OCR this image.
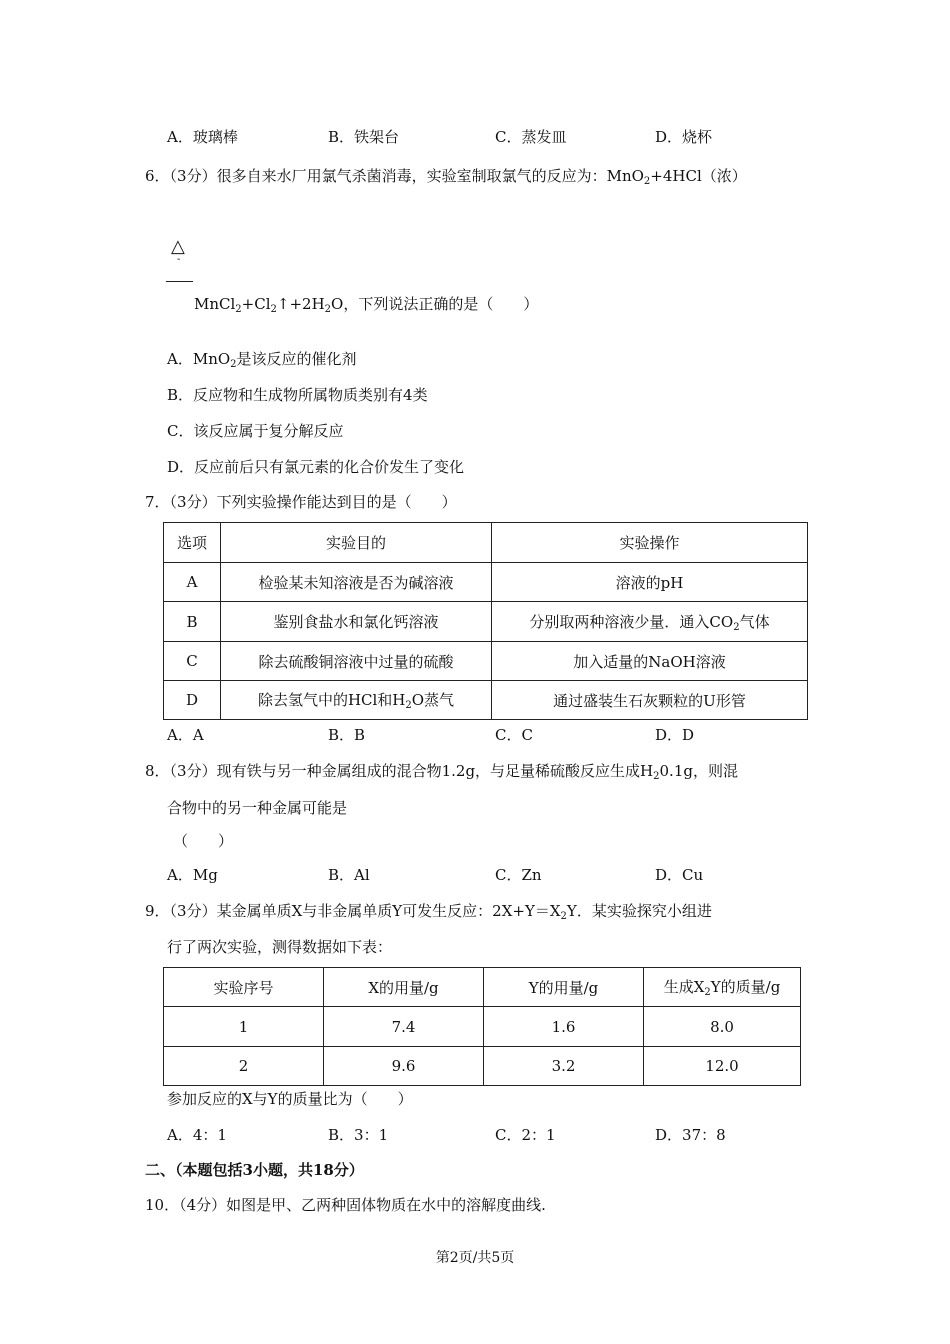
A．玻璃棒	B．铁架台	C．蒸发皿	D．烧杯
6．（3分）很多自来水厂用氯气杀菌消毒，实验室制取氯气的反应为：MnO$_2$+4HCl（浓）
△
-
$MnCl_2+Cl_2↑+2H_2O$，下列说法正确的是（　　）
A．MnO$_2$是该反应的催化剂
B．反应物和生成物所属物质类别有4类
C．该反应属于复分解反应
D．反应前后只有氯元素的化合价发生了变化
7．（3分）下列实验操作能达到目的是（　　）
选项	实验目的	实验操作
A	检验某未知溶液是否为碱溶液	溶液的pH
B	鉴别食盐水和氯化钙溶液	分别取两种溶液少量．通入$CO_2$气体
C	除去硫酸铜溶液中过量的硫酸	加入适量的NaOH溶液
D	除去氢气中的HCl和$H_2O$蒸气	通过盛装生石灰颗粒的U形管
A．A	B．B	C．C	D．D
8．（3分）现有铁与另一种金属组成的混合物1.2g，与足量稀硫酸反应生成$H_20.1g$，则混
合物中的另一种金属可能是
（　　）
A．Mg	B．Al	C．Zn	D．Cu
9．（3分）某金属单质X与非金属单质Y可发生反应：$2X+Y=X_2Y$．某实验探究小组进
行了两次实验，测得数据如下表：
实验序号	X的用量/g	Y的用量/g	生成$X_2Y$的质量/g
1	7.4	1.6	8.0
2	9.6	3.2	12.0
参加反应的X与Y的质量比为（　　）
A．4：1	B．3：1	C．2：1	D．37：8
二、（本题包括3小题，共18分）
10．（4分）如图是甲、乙两种固体物质在水中的溶解度曲线.
第2页/共5页
